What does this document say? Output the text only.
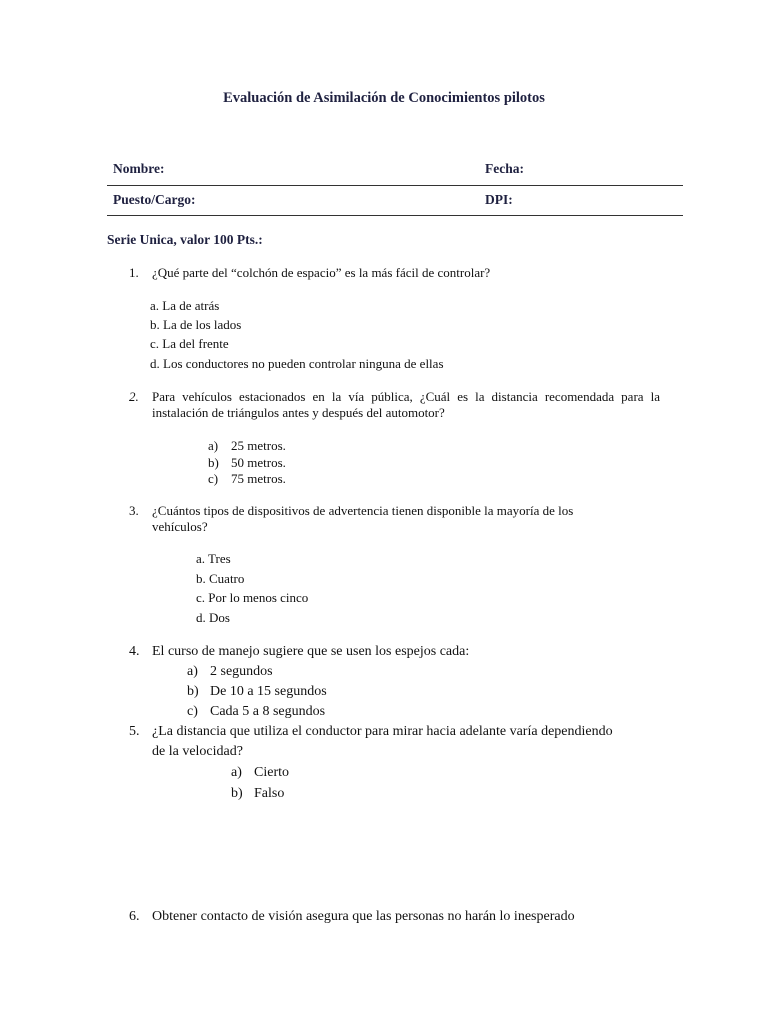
Evaluación de Asimilación de Conocimientos pilotos
Nombre:	Fecha:
Puesto/Cargo:	DPI:
Serie Unica, valor 100 Pts.:
1. ¿Qué parte del “colchón de espacio” es la más fácil de controlar?
a. La de atrás
b. La de los lados
c. La del frente
d. Los conductores no pueden controlar ninguna de ellas
2. Para vehículos estacionados en la vía pública, ¿Cuál es la distancia recomendada para la
instalación de triángulos antes y después del automotor?
a) 25 metros.
b) 50 metros.
c) 75 metros.
3. ¿Cuántos tipos de dispositivos de advertencia tienen disponible la mayoría de los
vehículos?
a. Tres
b. Cuatro
c. Por lo menos cinco
d. Dos
4. El curso de manejo sugiere que se usen los espejos cada:
a) 2 segundos
b) De 10 a 15 segundos
c) Cada 5 a 8 segundos
5. ¿La distancia que utiliza el conductor para mirar hacia adelante varía dependiendo
de la velocidad?
a) Cierto
b) Falso
6. Obtener contacto de visión asegura que las personas no harán lo inesperado
